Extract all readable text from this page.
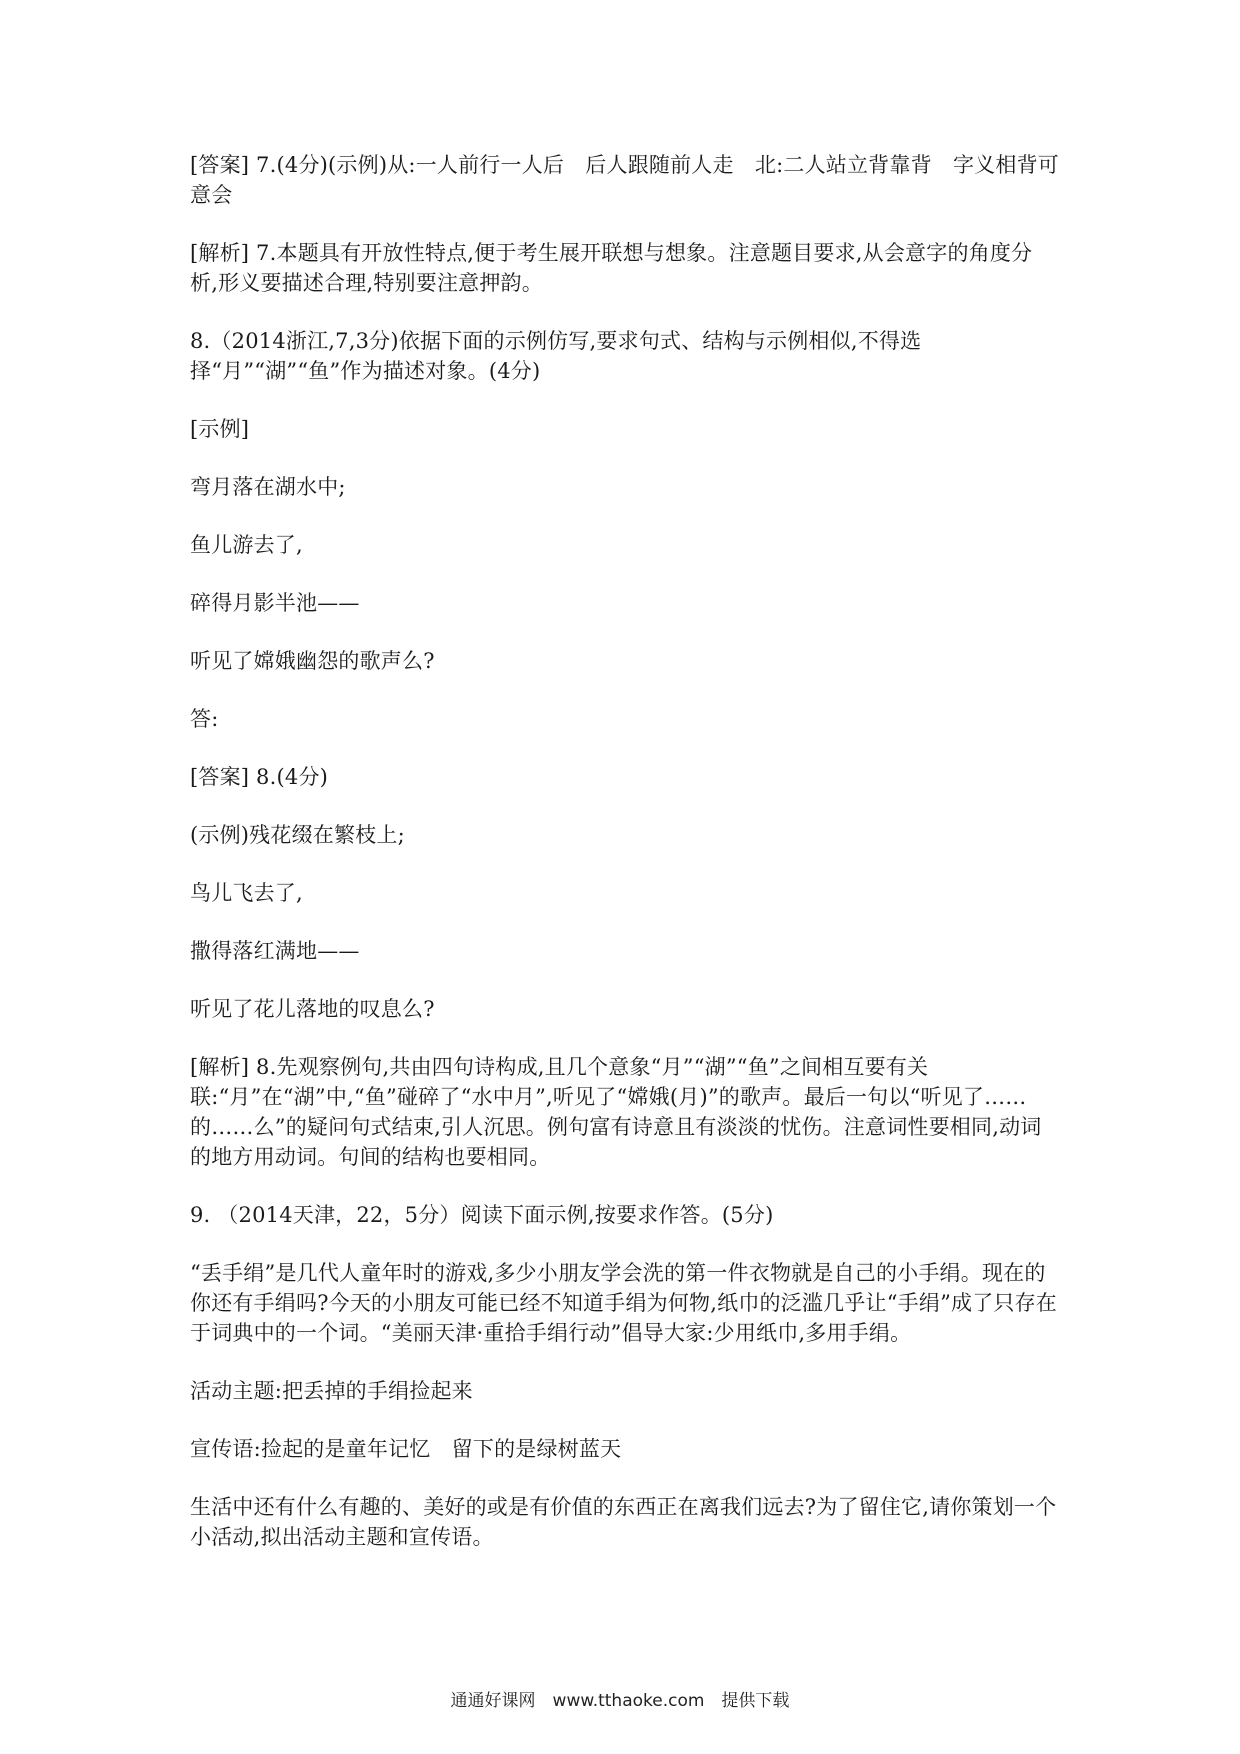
[答案] 7.(4分)(示例)从:一人前行一人后　后人跟随前人走　北:二人站立背靠背　字义相背可意会

[解析] 7.本题具有开放性特点,便于考生展开联想与想象。注意题目要求,从会意字的角度分析,形义要描述合理,特别要注意押韵。

8.（2014浙江,7,3分)依据下面的示例仿写,要求句式、结构与示例相似,不得选择“月”“湖”“鱼”作为描述对象。(4分)

[示例]

弯月落在湖水中;

鱼儿游去了,

碎得月影半池——

听见了嫦娥幽怨的歌声么?

答:

[答案] 8.(4分)

(示例)残花缀在繁枝上;

鸟儿飞去了,

撒得落红满地——

听见了花儿落地的叹息么?

[解析] 8.先观察例句,共由四句诗构成,且几个意象“月”“湖”“鱼”之间相互要有关联:“月”在“湖”中,“鱼”碰碎了“水中月”,听见了“嫦娥(月)”的歌声。最后一句以“听见了……的……么”的疑问句式结束,引人沉思。例句富有诗意且有淡淡的忧伤。注意词性要相同,动词的地方用动词。句间的结构也要相同。

9. （2014天津，22，5分）阅读下面示例,按要求作答。(5分)

“丢手绢”是几代人童年时的游戏,多少小朋友学会洗的第一件衣物就是自己的小手绢。现在的你还有手绢吗?今天的小朋友可能已经不知道手绢为何物,纸巾的泛滥几乎让“手绢”成了只存在于词典中的一个词。“美丽天津·重拾手绢行动”倡导大家:少用纸巾,多用手绢。

活动主题:把丢掉的手绢捡起来

宣传语:捡起的是童年记忆　留下的是绿树蓝天

生活中还有什么有趣的、美好的或是有价值的东西正在离我们远去?为了留住它,请你策划一个小活动,拟出活动主题和宣传语。

通通好课网　www.tthaoke.com　提供下载
